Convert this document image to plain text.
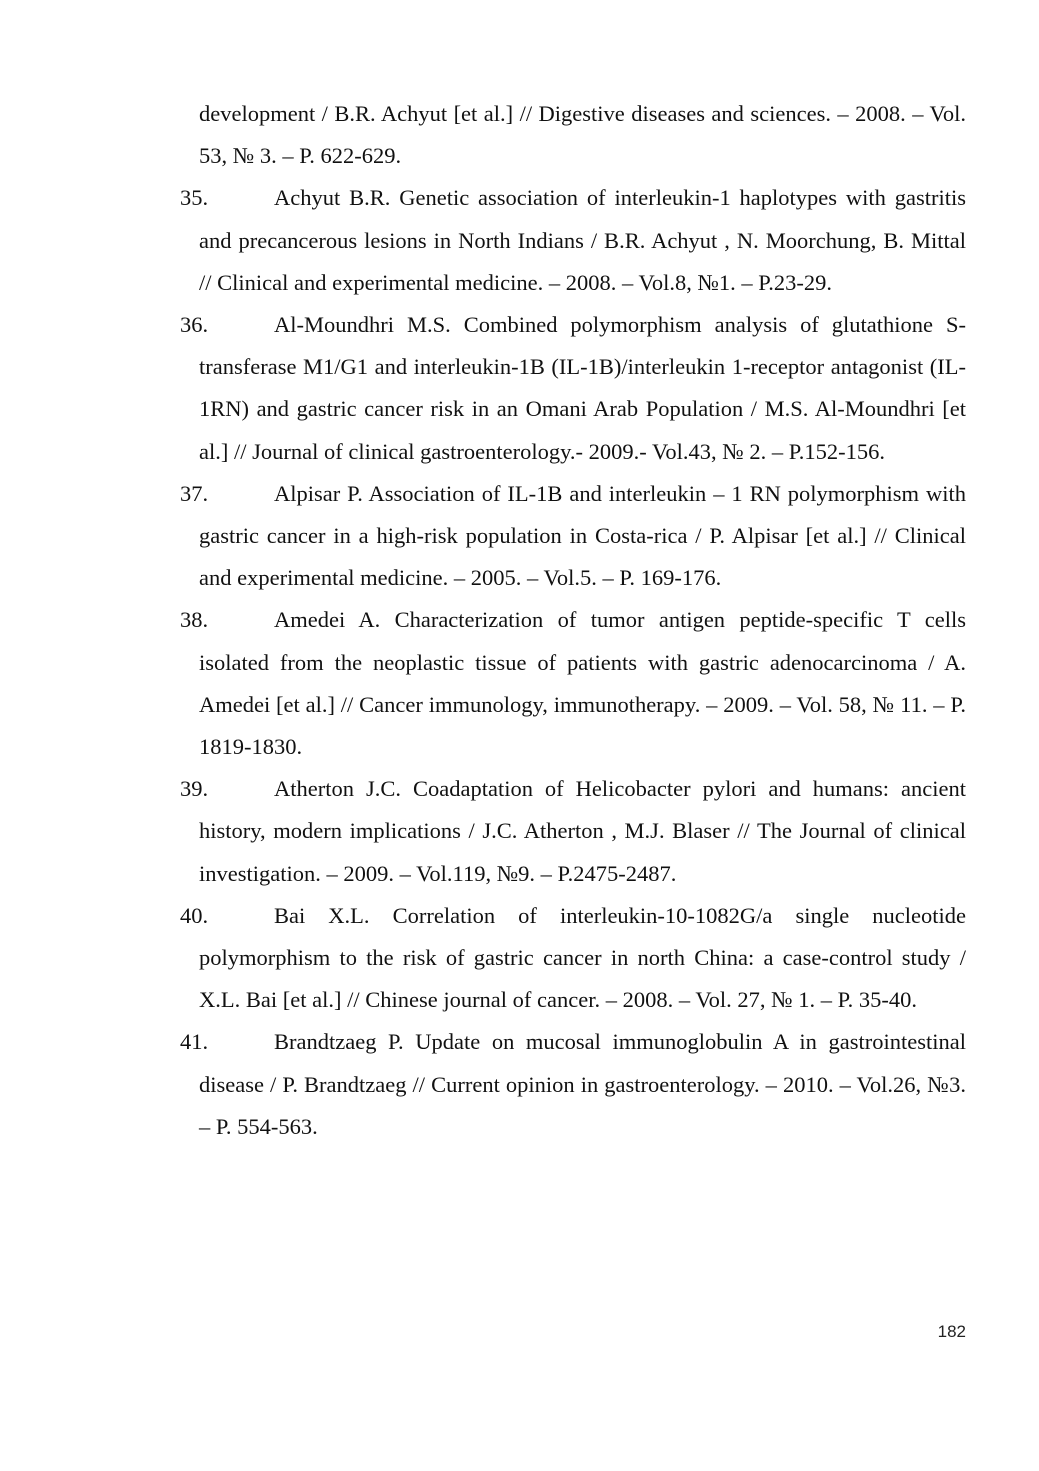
development / B.R. Achyut [et al.] // Digestive diseases and sciences. – 2008. – Vol. 53, № 3. – P. 622-629.
35.	Achyut B.R. Genetic association of interleukin-1 haplotypes with gastritis and precancerous lesions in North Indians / B.R. Achyut , N. Moorchung, B. Mittal // Clinical and experimental medicine. – 2008. – Vol.8, №1. – P.23-29.
36.	Al-Moundhri M.S. Combined polymorphism analysis of glutathione S-transferase M1/G1 and interleukin-1B (IL-1B)/interleukin 1-receptor antagonist (IL-1RN) and gastric cancer risk in an Omani Arab Population / M.S. Al-Moundhri [et al.] // Journal of clinical gastroenterology.- 2009.- Vol.43, № 2. – P.152-156.
37.	Alpisar P. Association of IL-1B and interleukin – 1 RN polymorphism with gastric cancer in a high-risk population in Costa-rica / P. Alpisar [et al.] // Clinical and experimental medicine. – 2005. – Vol.5. – P. 169-176.
38.	Amedei A. Characterization of tumor antigen peptide-specific T cells isolated from the neoplastic tissue of patients with gastric adenocarcinoma / A. Amedei [et al.] // Cancer immunology, immunotherapy. – 2009. – Vol. 58, № 11. – P. 1819-1830.
39.	Atherton J.C. Coadaptation of Helicobacter pylori and humans: ancient history, modern implications / J.C. Atherton , M.J. Blaser // The Journal of clinical investigation. – 2009. – Vol.119, №9. – P.2475-2487.
40.	Bai X.L. Correlation of interleukin-10-1082G/a single nucleotide polymorphism to the risk of gastric cancer in north China: a case-control study / X.L. Bai [et al.] // Chinese journal of cancer. – 2008. – Vol. 27, № 1. – P. 35-40.
41.	Brandtzaeg P. Update on mucosal immunoglobulin A in gastrointestinal disease / P. Brandtzaeg // Current opinion in gastroenterology. – 2010. – Vol.26, №3. – P. 554-563.
182
